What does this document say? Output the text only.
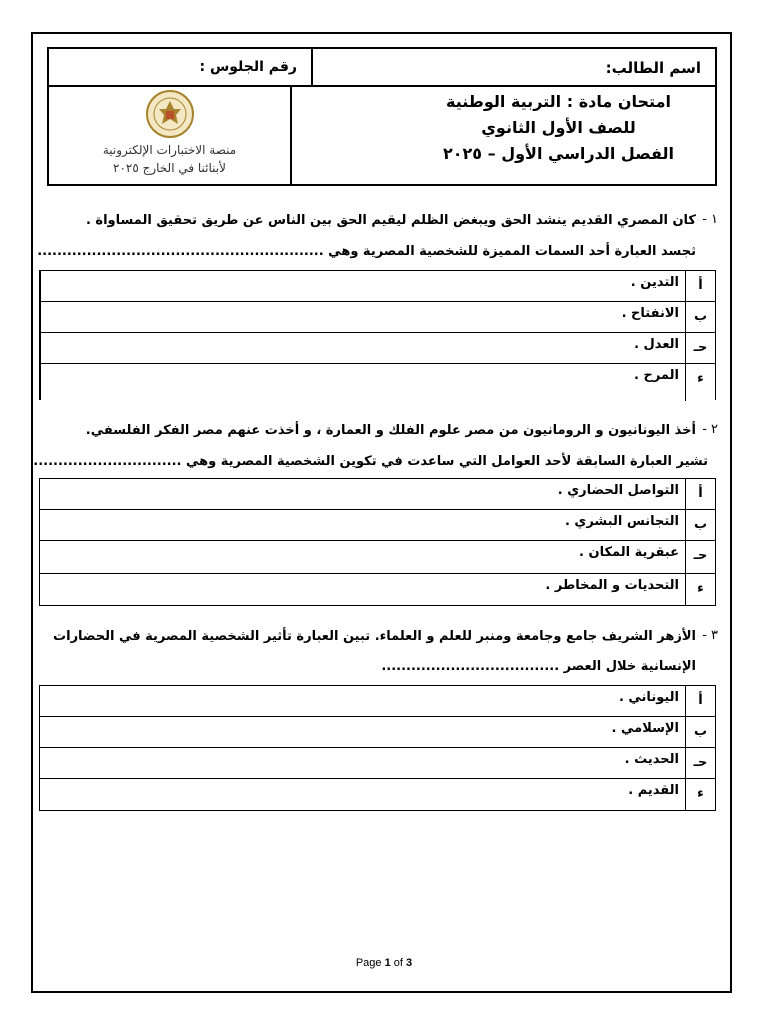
اسم الطالب:
رقم الجلوس :
امتحان مادة : التربية الوطنية
للصف الأول الثانوي
الفصل الدراسي الأول – ٢٠٢٥
منصة الاختبارات الإلكترونية
لأبنائنا في الخارج ٢٠٢٥
١ -
كان المصري القديم ينشد الحق ويبغض الظلم ليقيم الحق بين الناس عن طريق تحقيق المساواة .
ثجسد العبارة أحد السمات المميزة للشخصية المصرية وهي ..........................................................
أ
التدين .
ب
الانفتاح .
حـ
العدل .
ء
المرح .
٢ -
أخذ اليونانيون و الرومانيون من مصر علوم الفلك و العمارة ، و أخذت عنهم مصر الفكر الفلسفي.
تشير العبارة السابقة لأحد العوامل التي ساعدت في تكوين الشخصية المصرية وهي ..............................
أ
التواصل الحضاري .
ب
التجانس البشري .
حـ
عبقرية المكان .
ء
التحديات و المخاطر .
٣ -
الأزهر الشريف جامع وجامعة ومنبر للعلم و العلماء. تبين العبارة تأثير الشخصية المصرية في الحضارات
الإنسانية خلال العصر ....................................
أ
اليوناني .
ب
الإسلامي .
حـ
الحديث .
ء
القديم .
Page 1 of 3
